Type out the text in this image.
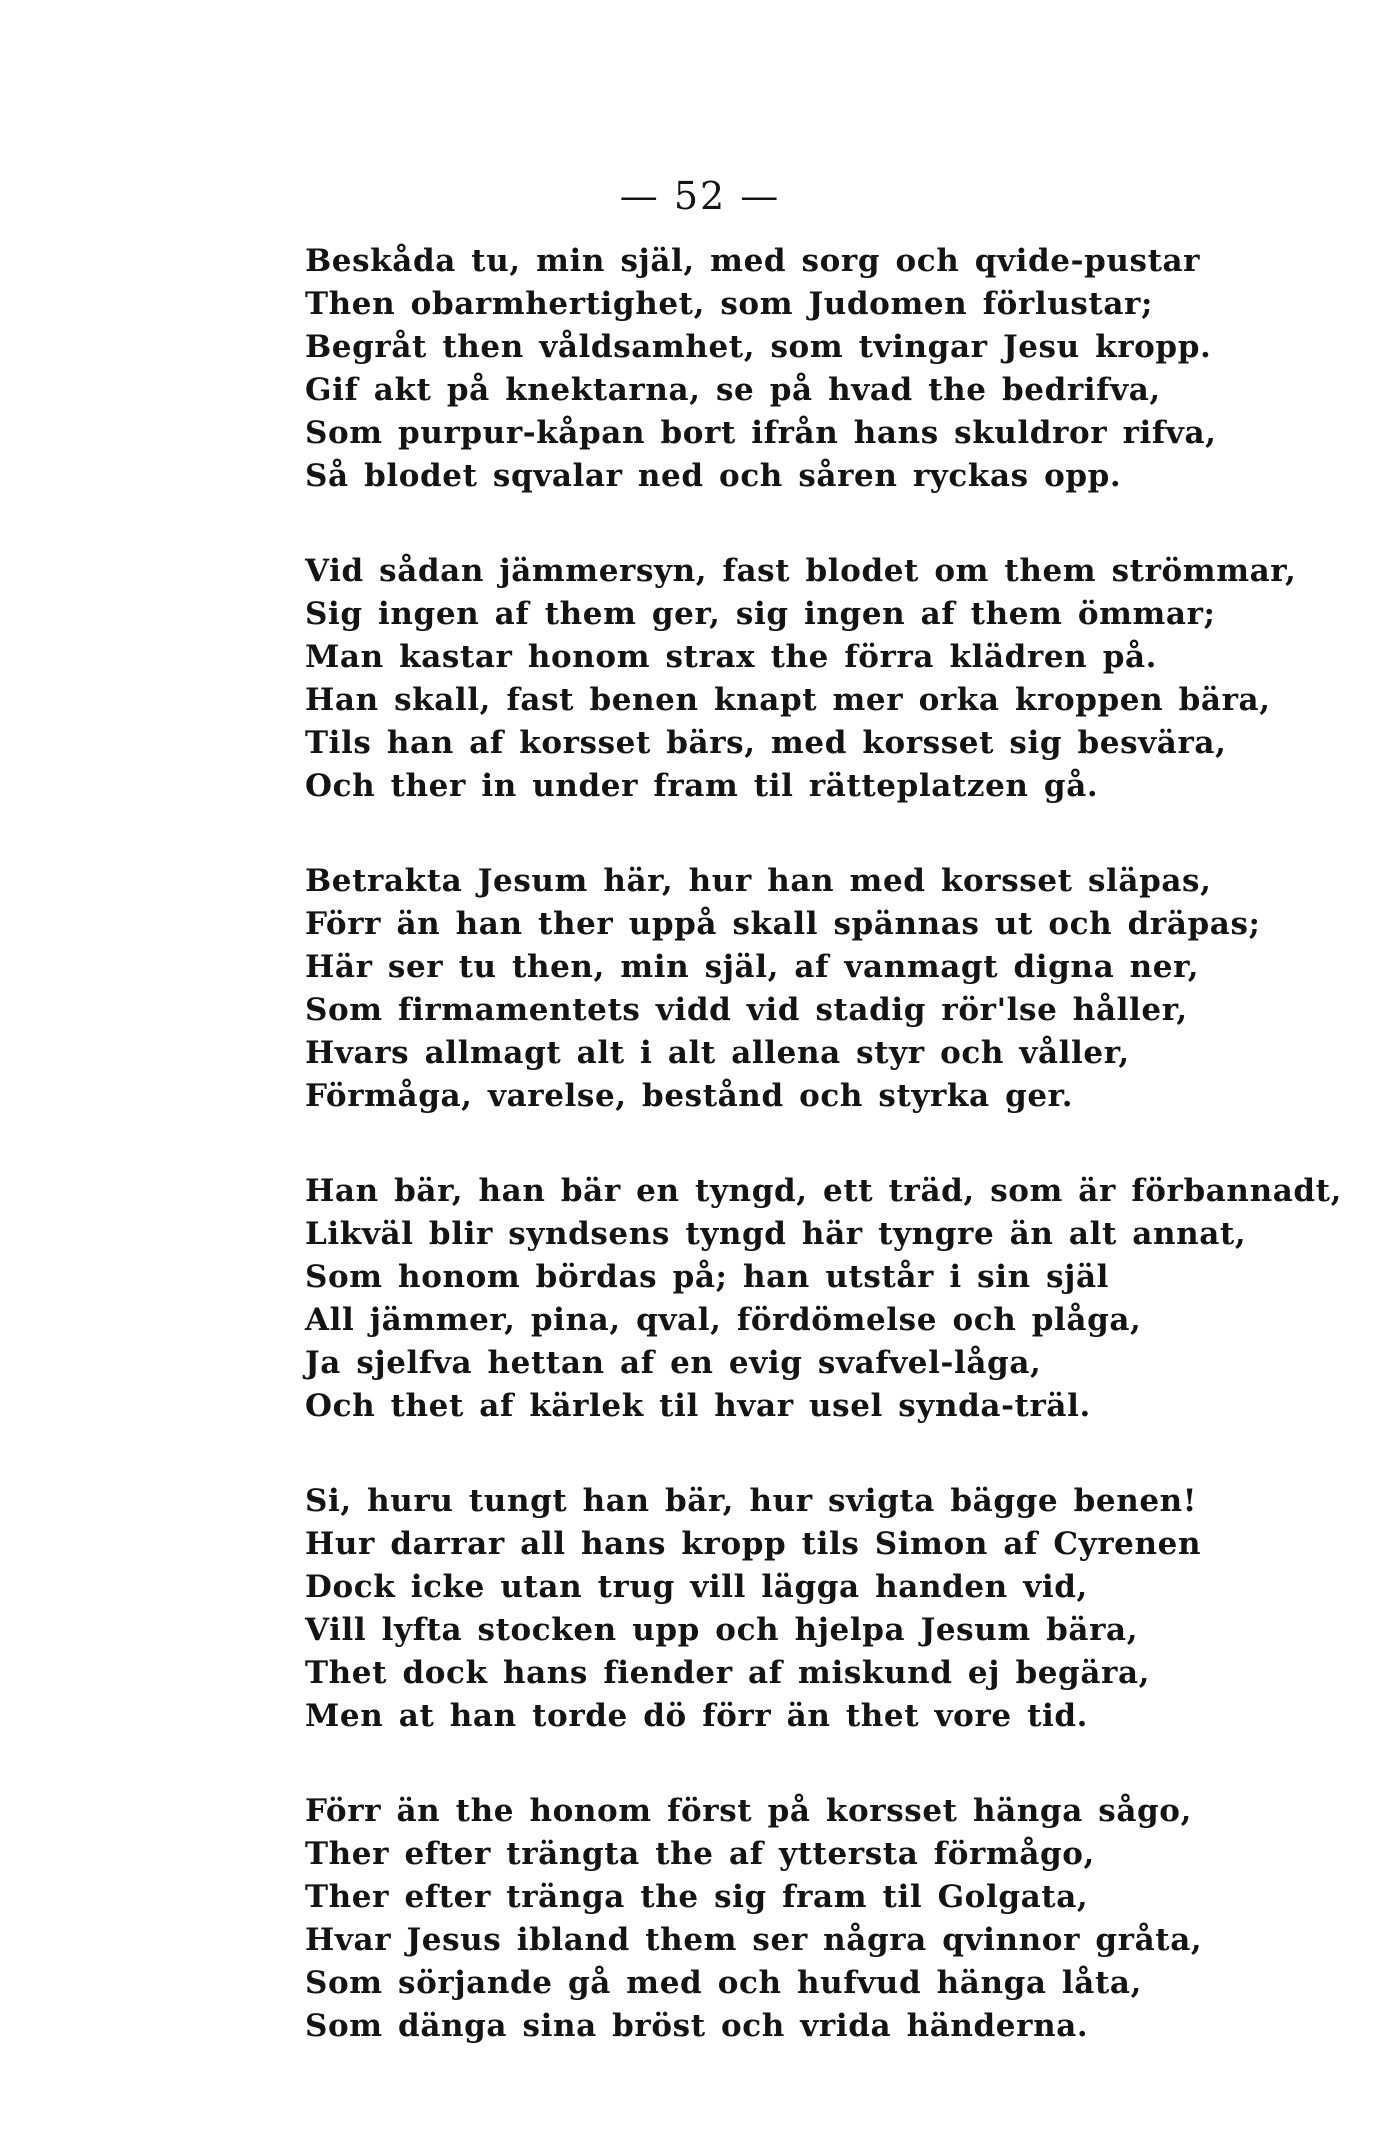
— 52 —
Beskåda tu, min själ, med sorg och qvide-pustar
Then obarmhertighet, som Judomen förlustar;
Begråt then våldsamhet, som tvingar Jesu kropp.
Gif akt på knektarna, se på hvad the bedrifva,
Som purpur-kåpan bort ifrån hans skuldror rifva,
Så blodet sqvalar ned och såren ryckas opp.
Vid sådan jämmersyn, fast blodet om them strömmar,
Sig ingen af them ger, sig ingen af them ömmar;
Man kastar honom strax the förra klädren på.
Han skall, fast benen knapt mer orka kroppen bära,
Tils han af korsset bärs, med korsset sig besvära,
Och ther in under fram til rätteplatzen gå.
Betrakta Jesum här, hur han med korsset släpas,
Förr än han ther uppå skall spännas ut och dräpas;
Här ser tu then, min själ, af vanmagt digna ner,
Som firmamentets vidd vid stadig rör'lse håller,
Hvars allmagt alt i alt allena styr och våller,
Förmåga, varelse, bestånd och styrka ger.
Han bär, han bär en tyngd, ett träd, som är förbannadt,
Likväl blir syndsens tyngd här tyngre än alt annat,
Som honom bördas på; han utstår i sin själ
All jämmer, pina, qval, fördömelse och plåga,
Ja sjelfva hettan af en evig svafvel-låga,
Och thet af kärlek til hvar usel synda-träl.
Si, huru tungt han bär, hur svigta bägge benen!
Hur darrar all hans kropp tils Simon af Cyrenen
Dock icke utan trug vill lägga handen vid,
Vill lyfta stocken upp och hjelpa Jesum bära,
Thet dock hans fiender af miskund ej begära,
Men at han torde dö förr än thet vore tid.
Förr än the honom först på korsset hänga sågo,
Ther efter trängta the af yttersta förmågo,
Ther efter tränga the sig fram til Golgata,
Hvar Jesus ibland them ser några qvinnor gråta,
Som sörjande gå med och hufvud hänga låta,
Som dänga sina bröst och vrida händerna.
